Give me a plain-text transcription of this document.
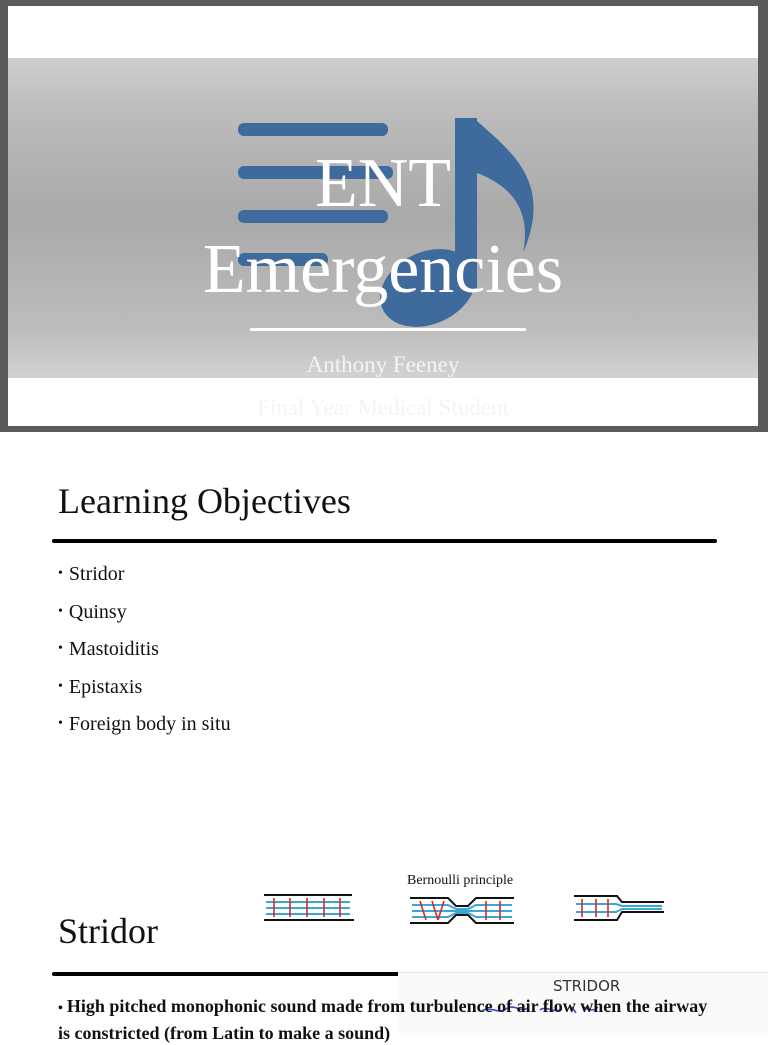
ENT
Emergencies
Anthony Feeney
Final Year Medical Student
Learning Objectives
• Stridor
• Quinsy
• Mastoiditis
• Epistaxis
• Foreign body in situ
Bernoulli principle
Stridor
STRIDOR
• High pitched monophonic sound made from turbulence of air flow when the airway is constricted (from Latin to make a sound)
